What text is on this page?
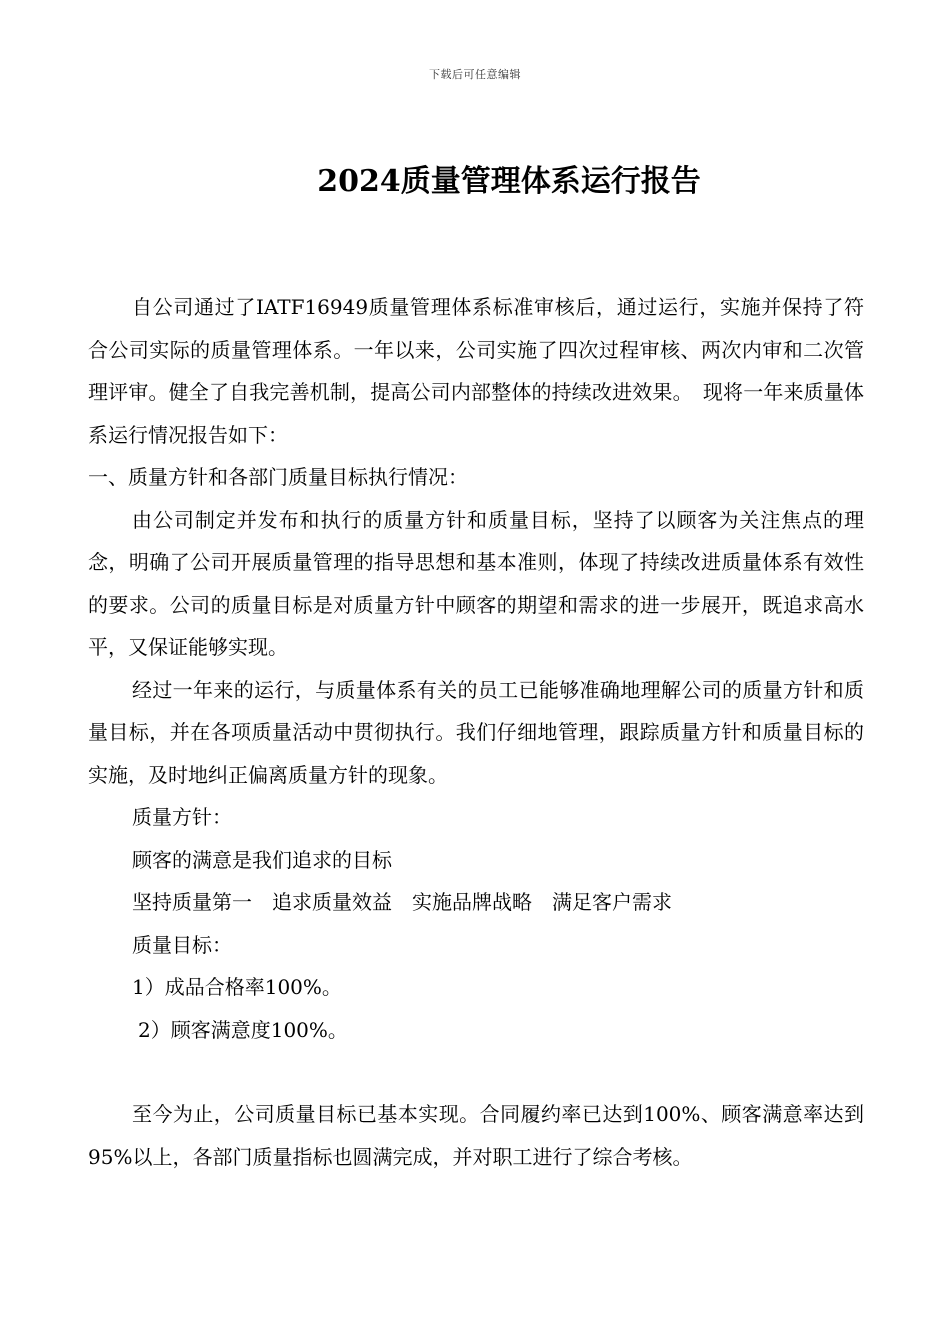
下载后可任意编辑
2024质量管理体系运行报告

自公司通过了IATF16949质量管理体系标准审核后，通过运行，实施并保持了符合公司实际的质量管理体系。一年以来，公司实施了四次过程审核、两次内审和二次管理评审。健全了自我完善机制，提高公司内部整体的持续改进效果。　现将一年来质量体系运行情况报告如下：

一、质量方针和各部门质量目标执行情况：

由公司制定并发布和执行的质量方针和质量目标，坚持了以顾客为关注焦点的理念，明确了公司开展质量管理的指导思想和基本准则，体现了持续改进质量体系有效性的要求。公司的质量目标是对质量方针中顾客的期望和需求的进一步展开，既追求高水平，又保证能够实现。

经过一年来的运行，与质量体系有关的员工已能够准确地理解公司的质量方针和质量目标，并在各项质量活动中贯彻执行。我们仔细地管理，跟踪质量方针和质量目标的实施，及时地纠正偏离质量方针的现象。

质量方针：

顾客的满意是我们追求的目标

坚持质量第一　追求质量效益　实施品牌战略　满足客户需求

质量目标：

1）成品合格率100%。

2）顾客满意度100%。

至今为止，公司质量目标已基本实现。合同履约率已达到100%、顾客满意率达到95%以上，各部门质量指标也圆满完成，并对职工进行了综合考核。
